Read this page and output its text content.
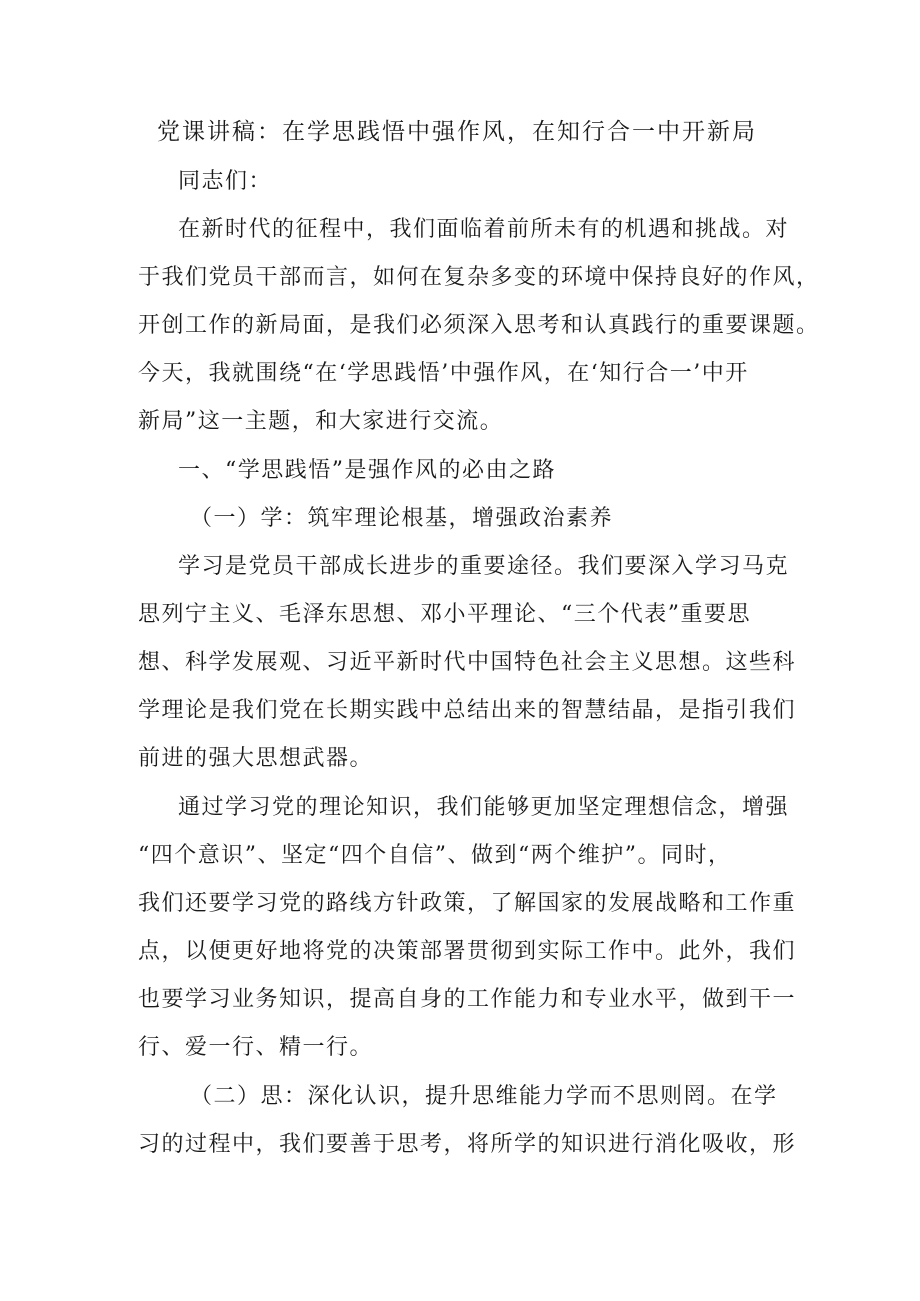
党课讲稿：在学思践悟中强作风，在知行合一中开新局
同志们：
在新时代的征程中，我们面临着前所未有的机遇和挑战。对
于我们党员干部而言，如何在复杂多变的环境中保持良好的作风，
开创工作的新局面，是我们必须深入思考和认真践行的重要课题。
今天，我就围绕“在‘学思践悟’中强作风，在‘知行合一’中开
新局”这一主题，和大家进行交流。
一、“学思践悟”是强作风的必由之路
（一）学：筑牢理论根基，增强政治素养
学习是党员干部成长进步的重要途径。我们要深入学习马克
思列宁主义、毛泽东思想、邓小平理论、“三个代表”重要思
想、科学发展观、习近平新时代中国特色社会主义思想。这些科
学理论是我们党在长期实践中总结出来的智慧结晶，是指引我们
前进的强大思想武器。
通过学习党的理论知识，我们能够更加坚定理想信念，增强
“四个意识”、坚定“四个自信”、做到“两个维护”。同时，
我们还要学习党的路线方针政策，了解国家的发展战略和工作重
点，以便更好地将党的决策部署贯彻到实际工作中。此外，我们
也要学习业务知识，提高自身的工作能力和专业水平，做到干一
行、爱一行、精一行。
（二）思：深化认识，提升思维能力学而不思则罔。在学
习的过程中，我们要善于思考，将所学的知识进行消化吸收，形
